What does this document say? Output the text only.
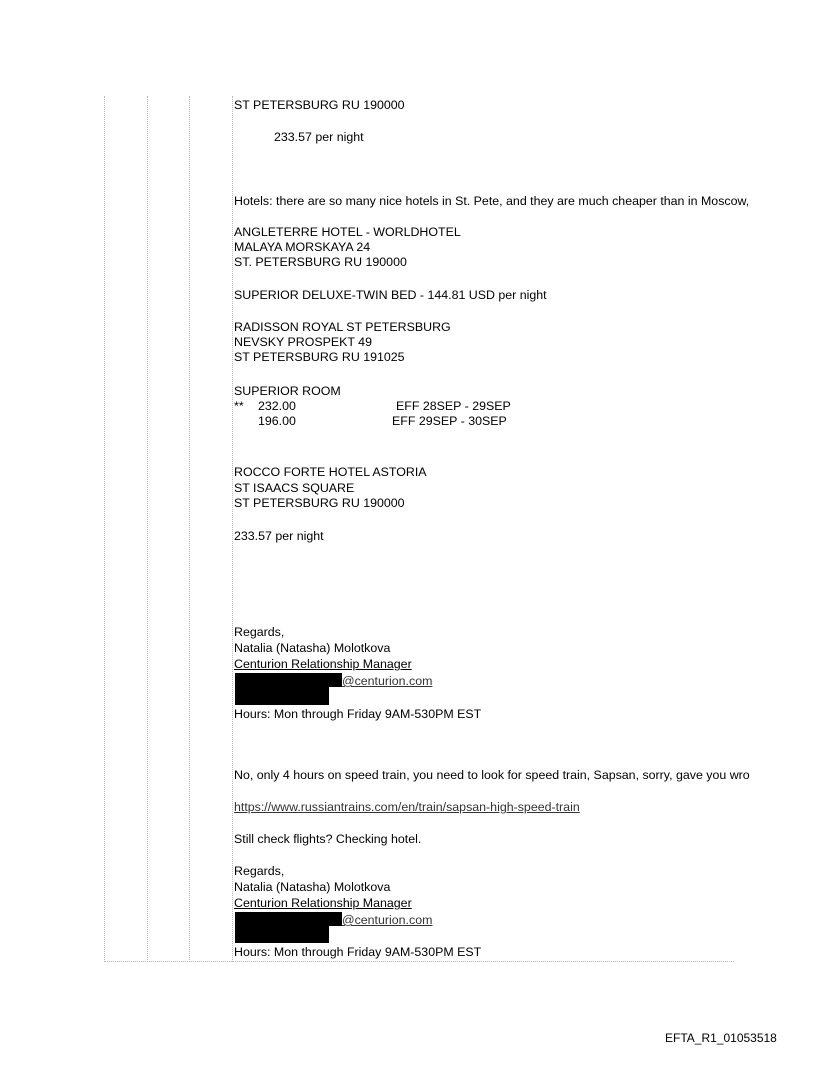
ST PETERSBURG RU 190000
233.57 per night
Hotels: there are so many nice hotels in St. Pete, and they are much cheaper than in Moscow,
ANGLETERRE HOTEL - WORLDHOTEL
MALAYA MORSKAYA 24
ST. PETERSBURG RU 190000
SUPERIOR DELUXE-TWIN BED - 144.81 USD per night
RADISSON ROYAL ST PETERSBURG
NEVSKY PROSPEKT 49
ST PETERSBURG RU 191025
SUPERIOR ROOM
** 232.00	EFF 28SEP - 29SEP
196.00	EFF 29SEP - 30SEP
ROCCO FORTE HOTEL ASTORIA
ST ISAACS SQUARE
ST PETERSBURG RU 190000
233.57 per night
Regards,
Natalia (Natasha) Molotkova
Centurion Relationship Manager
@centurion.com
Hours: Mon through Friday 9AM-530PM EST
No, only 4 hours on speed train, you need to look for speed train, Sapsan, sorry, gave you wro
https://www.russiantrains.com/en/train/sapsan-high-speed-train
Still check flights? Checking hotel.
Regards,
Natalia (Natasha) Molotkova
Centurion Relationship Manager
@centurion.com
Hours: Mon through Friday 9AM-530PM EST
EFTA_R1_01053518
